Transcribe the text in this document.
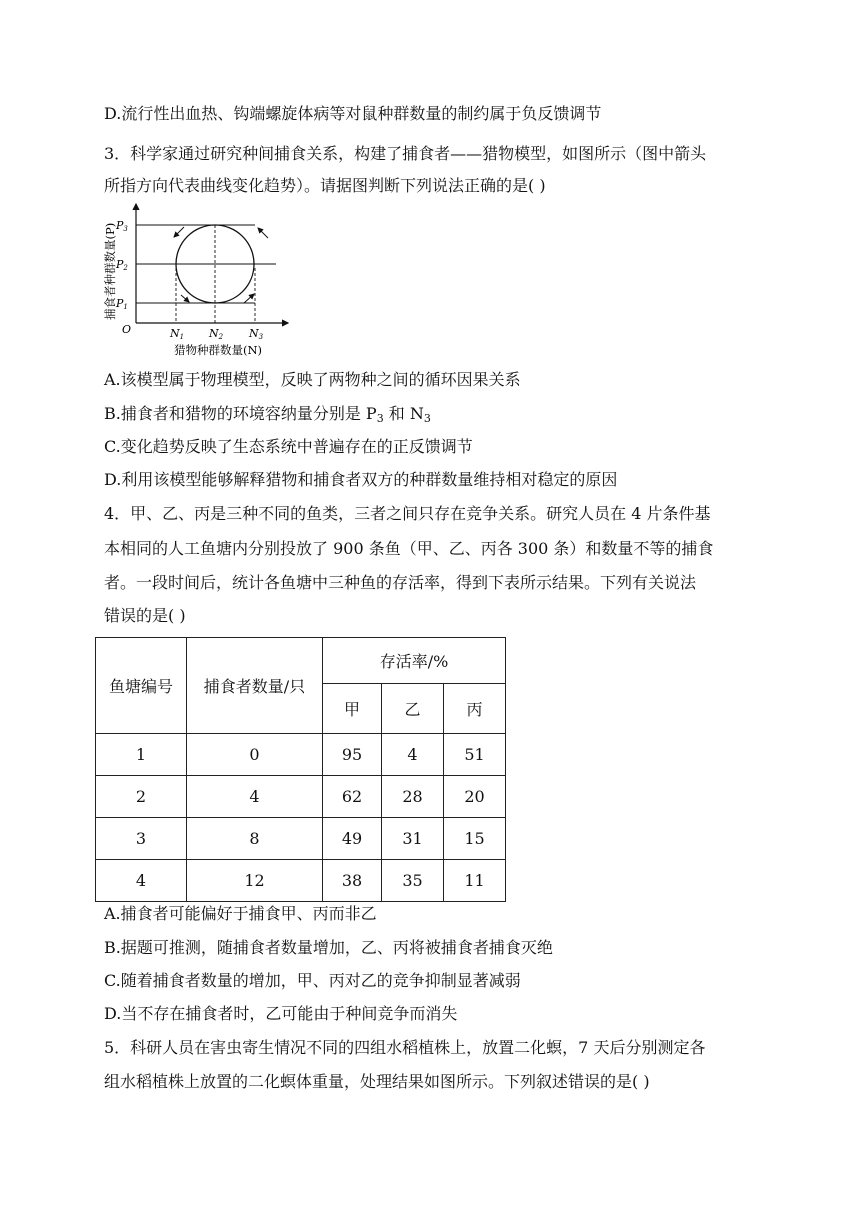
D.流行性出血热、钩端螺旋体病等对鼠种群数量的制约属于负反馈调节
3．科学家通过研究种间捕食关系，构建了捕食者——猎物模型，如图所示（图中箭头
所指方向代表曲线变化趋势）。请据图判断下列说法正确的是( )
P3
P2
P1
O	N1 N2 N3
猎物种群数量(N)
捕食者种群数量(P)
A.该模型属于物理模型，反映了两物种之间的循环因果关系
B.捕食者和猎物的环境容纳量分别是 $P_3$ 和 $N_3$
C.变化趋势反映了生态系统中普遍存在的正反馈调节
D.利用该模型能够解释猎物和捕食者双方的种群数量维持相对稳定的原因
4．甲、乙、丙是三种不同的鱼类，三者之间只存在竞争关系。研究人员在 4 片条件基
本相同的人工鱼塘内分别投放了 900 条鱼（甲、乙、丙各 300 条）和数量不等的捕食
者。一段时间后，统计各鱼塘中三种鱼的存活率，得到下表所示结果。下列有关说法
错误的是( )
鱼塘编号	捕食者数量/只	存活率/%		
		甲	乙	丙
1	0	95	4	51
2	4	62	28	20
3	8	49	31	15
4	12	38	35	11
A.捕食者可能偏好于捕食甲、丙而非乙
B.据题可推测，随捕食者数量增加，乙、丙将被捕食者捕食灭绝
C.随着捕食者数量的增加，甲、丙对乙的竞争抑制显著减弱
D.当不存在捕食者时，乙可能由于种间竞争而消失
5．科研人员在害虫寄生情况不同的四组水稻植株上，放置二化螟，7 天后分别测定各
组水稻植株上放置的二化螟体重量，处理结果如图所示。下列叙述错误的是( )
